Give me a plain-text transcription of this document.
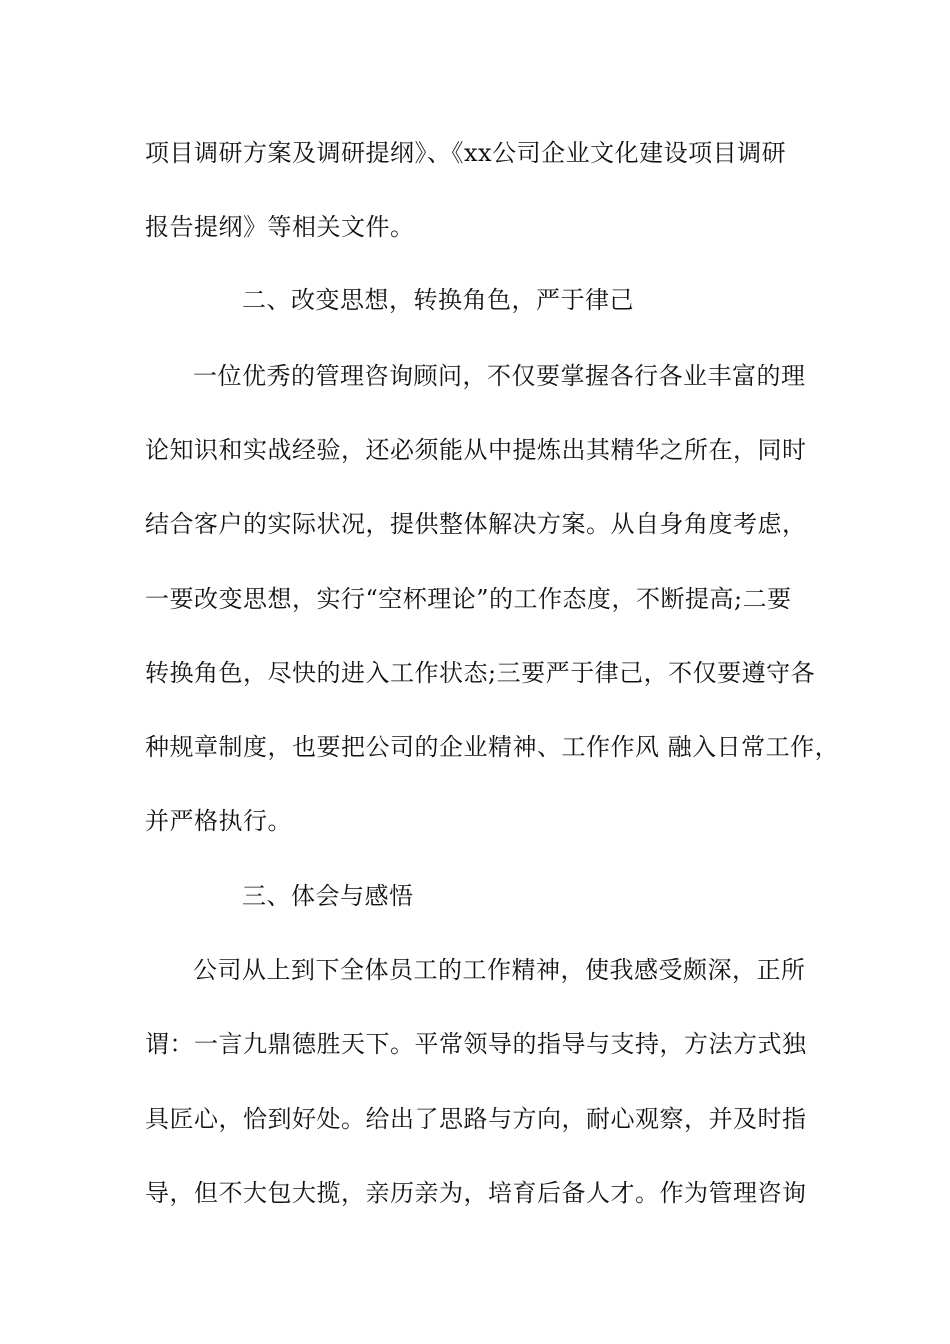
项目调研方案及调研提纲》、《xx公司企业文化建设项目调研
报告提纲》等相关文件。
二、改变思想，转换角色，严于律己
一位优秀的管理咨询顾问，不仅要掌握各行各业丰富的理
论知识和实战经验，还必须能从中提炼出其精华之所在，同时
结合客户的实际状况，提供整体解决方案。从自身角度考虑，
一要改变思想，实行“空杯理论”的工作态度，不断提高;二要
转换角色，尽快的进入工作状态;三要严于律己，不仅要遵守各
种规章制度，也要把公司的企业精神、工作作风 融入日常工作，
并严格执行。
三、体会与感悟
公司从上到下全体员工的工作精神，使我感受颇深，正所
谓：一言九鼎德胜天下。平常领导的指导与支持，方法方式独
具匠心，恰到好处。给出了思路与方向，耐心观察，并及时指
导，但不大包大揽，亲历亲为，培育后备人才。作为管理咨询
